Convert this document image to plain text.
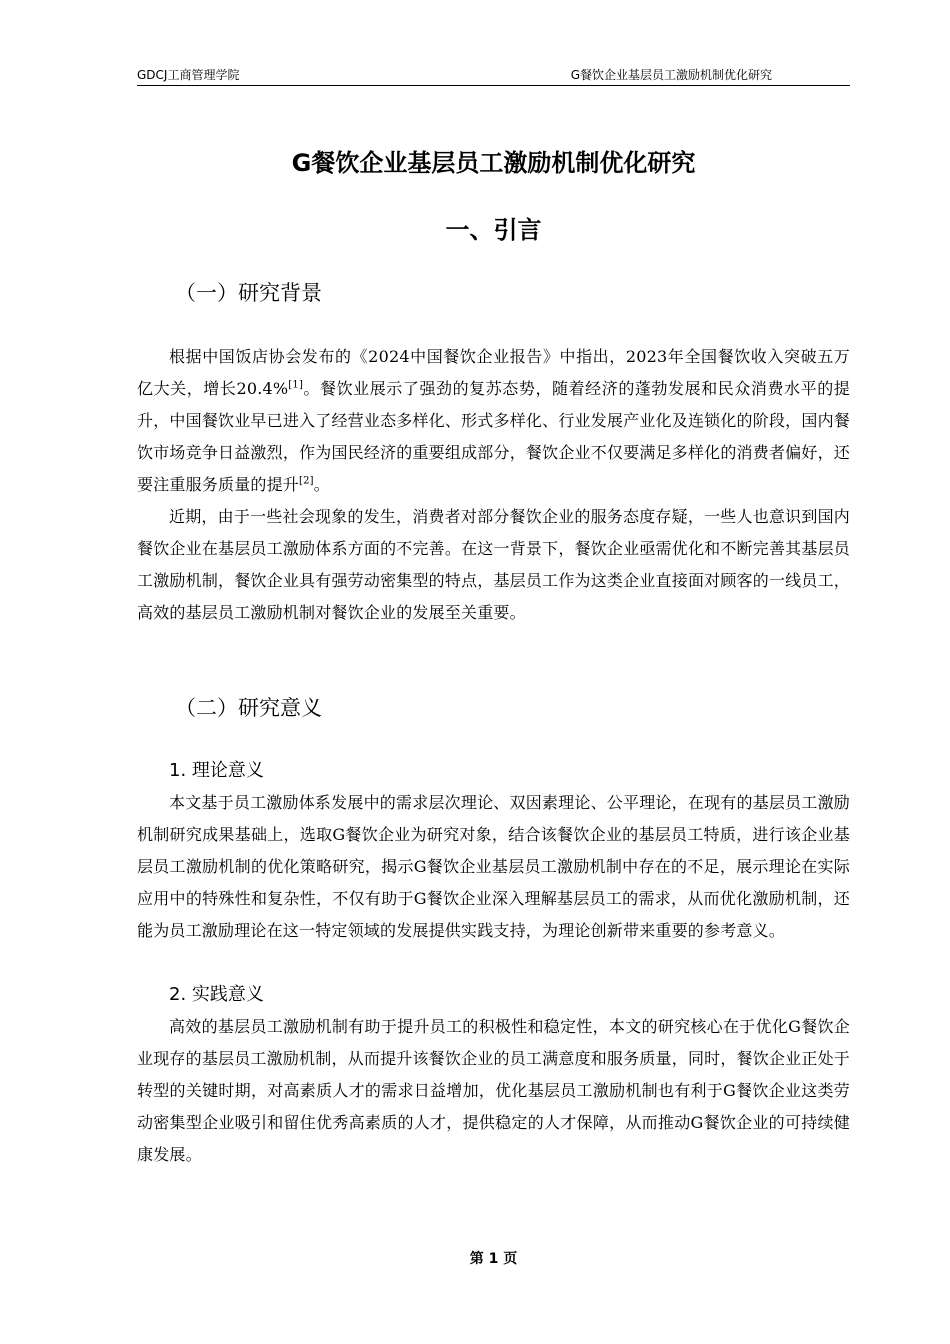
GDCJ工商管理学院	G餐饮企业基层员工激励机制优化研究
G餐饮企业基层员工激励机制优化研究
一、引言
（一）研究背景

根据中国饭店协会发布的《2024中国餐饮企业报告》中指出，2023年全国餐饮收入突破五万亿大关，增长20.4%[1]。餐饮业展示了强劲的复苏态势，随着经济的蓬勃发展和民众消费水平的提升，中国餐饮业早已进入了经营业态多样化、形式多样化、行业发展产业化及连锁化的阶段，国内餐饮市场竞争日益激烈，作为国民经济的重要组成部分，餐饮企业不仅要满足多样化的消费者偏好，还要注重服务质量的提升[2]。

近期，由于一些社会现象的发生，消费者对部分餐饮企业的服务态度存疑，一些人也意识到国内餐饮企业在基层员工激励体系方面的不完善。在这一背景下，餐饮企业亟需优化和不断完善其基层员工激励机制，餐饮企业具有强劳动密集型的特点，基层员工作为这类企业直接面对顾客的一线员工，高效的基层员工激励机制对餐饮企业的发展至关重要。

（二）研究意义
1. 理论意义

本文基于员工激励体系发展中的需求层次理论、双因素理论、公平理论，在现有的基层员工激励机制研究成果基础上，选取G餐饮企业为研究对象，结合该餐饮企业的基层员工特质，进行该企业基层员工激励机制的优化策略研究，揭示G餐饮企业基层员工激励机制中存在的不足，展示理论在实际应用中的特殊性和复杂性，不仅有助于G餐饮企业深入理解基层员工的需求，从而优化激励机制，还能为员工激励理论在这一特定领域的发展提供实践支持，为理论创新带来重要的参考意义。

2. 实践意义

高效的基层员工激励机制有助于提升员工的积极性和稳定性，本文的研究核心在于优化G餐饮企业现存的基层员工激励机制，从而提升该餐饮企业的员工满意度和服务质量，同时，餐饮企业正处于转型的关键时期，对高素质人才的需求日益增加，优化基层员工激励机制也有利于G餐饮企业这类劳动密集型企业吸引和留住优秀高素质的人才，提供稳定的人才保障，从而推动G餐饮企业的可持续健康发展。

第 1 页
